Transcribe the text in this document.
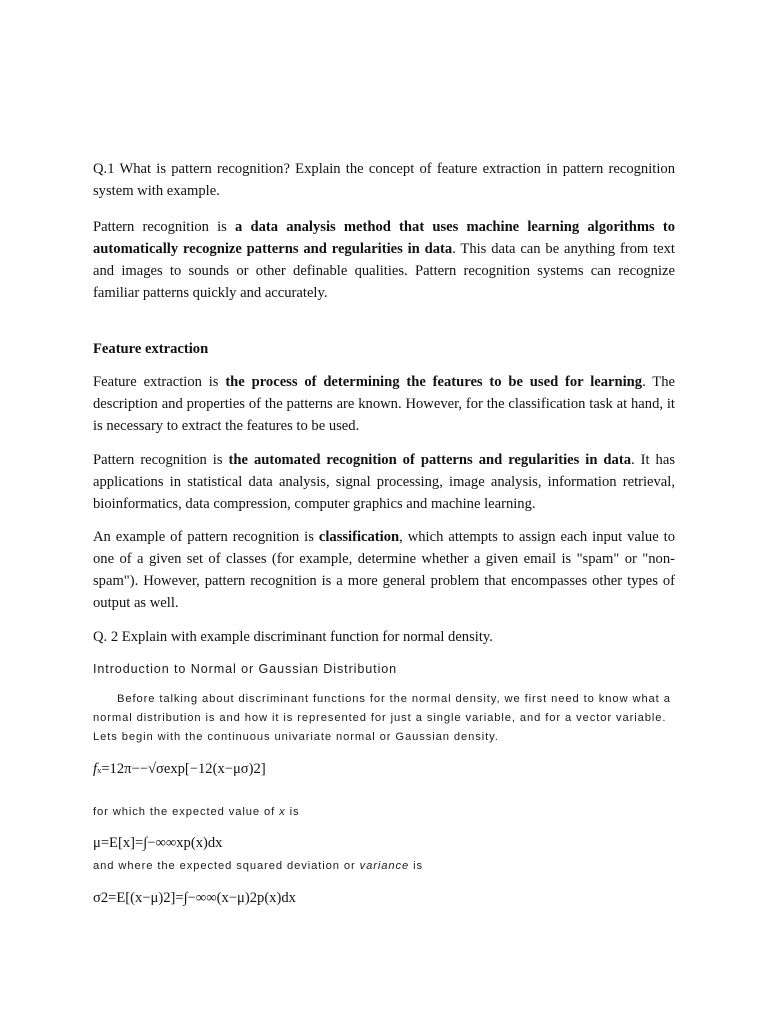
Q.1 What is pattern recognition? Explain the concept of feature extraction in pattern recognition system with example.
Pattern recognition is a data analysis method that uses machine learning algorithms to automatically recognize patterns and regularities in data. This data can be anything from text and images to sounds or other definable qualities. Pattern recognition systems can recognize familiar patterns quickly and accurately.
Feature extraction
Feature extraction is the process of determining the features to be used for learning. The description and properties of the patterns are known. However, for the classification task at hand, it is necessary to extract the features to be used.
Pattern recognition is the automated recognition of patterns and regularities in data. It has applications in statistical data analysis, signal processing, image analysis, information retrieval, bioinformatics, data compression, computer graphics and machine learning.
An example of pattern recognition is classification, which attempts to assign each input value to one of a given set of classes (for example, determine whether a given email is "spam" or "non-spam"). However, pattern recognition is a more general problem that encompasses other types of output as well.
Q. 2 Explain with example discriminant function for normal density.
Introduction to Normal or Gaussian Distribution
Before talking about discriminant functions for the normal density, we first need to know what a normal distribution is and how it is represented for just a single variable, and for a vector variable. Lets begin with the continuous univariate normal or Gaussian density.
fx=12π−−√σexp[−12(x−μσ)2]
for which the expected value of x is
μ=E[x]=∫−∞∞xp(x)dx
and where the expected squared deviation or variance is
σ2=E[(x−μ)2]=∫−∞∞(x−μ)2p(x)dx
